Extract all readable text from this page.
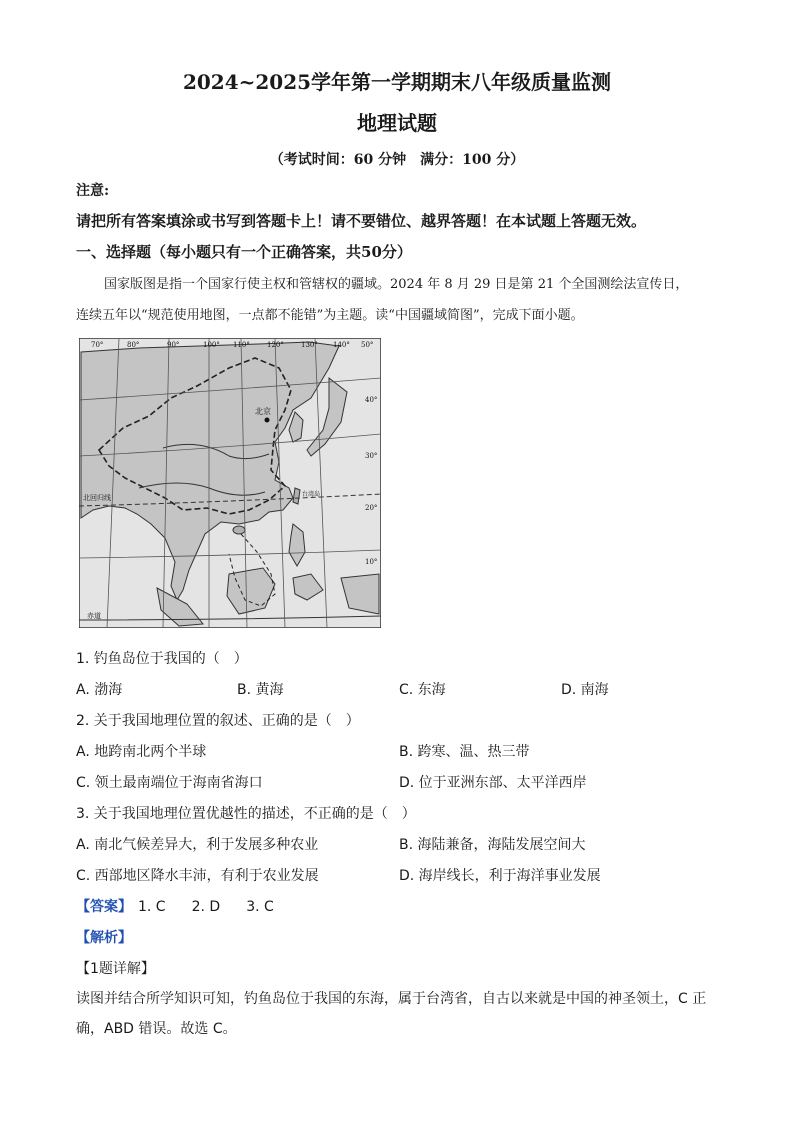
2024~2025学年第一学期期末八年级质量监测
地理试题
（考试时间：60 分钟　满分：100 分）
注意:
请把所有答案填涂或书写到答题卡上！请不要错位、越界答题！在本试题上答题无效。
一、选择题（每小题只有一个正确答案，共50分）
国家版图是指一个国家行使主权和管辖权的疆域。2024 年 8 月 29 日是第 21 个全国测绘法宣传日，
连续五年以“规范使用地图，一点都不能错”为主题。读“中国疆域简图”，完成下面小题。
北京
北回归线
赤道
台湾岛
70°	80°	90°	100° 110° 120° 130° 140° 50°
40°
30°
20°
10°
1. 钓鱼岛位于我国的（　）
A. 渤海	B. 黄海	C. 东海	D. 南海
2. 关于我国地理位置的叙述、正确的是（　）
A. 地跨南北两个半球	B. 跨寒、温、热三带
C. 领土最南端位于海南省海口	D. 位于亚洲东部、太平洋西岸
3. 关于我国地理位置优越性的描述，不正确的是（　）
A. 南北气候差异大，利于发展多种农业	B. 海陆兼备，海陆发展空间大
C. 西部地区降水丰沛，有利于农业发展	D. 海岸线长，利于海洋事业发展
【答案】 1. C 2. D 3. C
【解析】
【1题详解】
读图并结合所学知识可知，钓鱼岛位于我国的东海，属于台湾省，自古以来就是中国的神圣领土，C 正
确，ABD 错误。故选 C。
